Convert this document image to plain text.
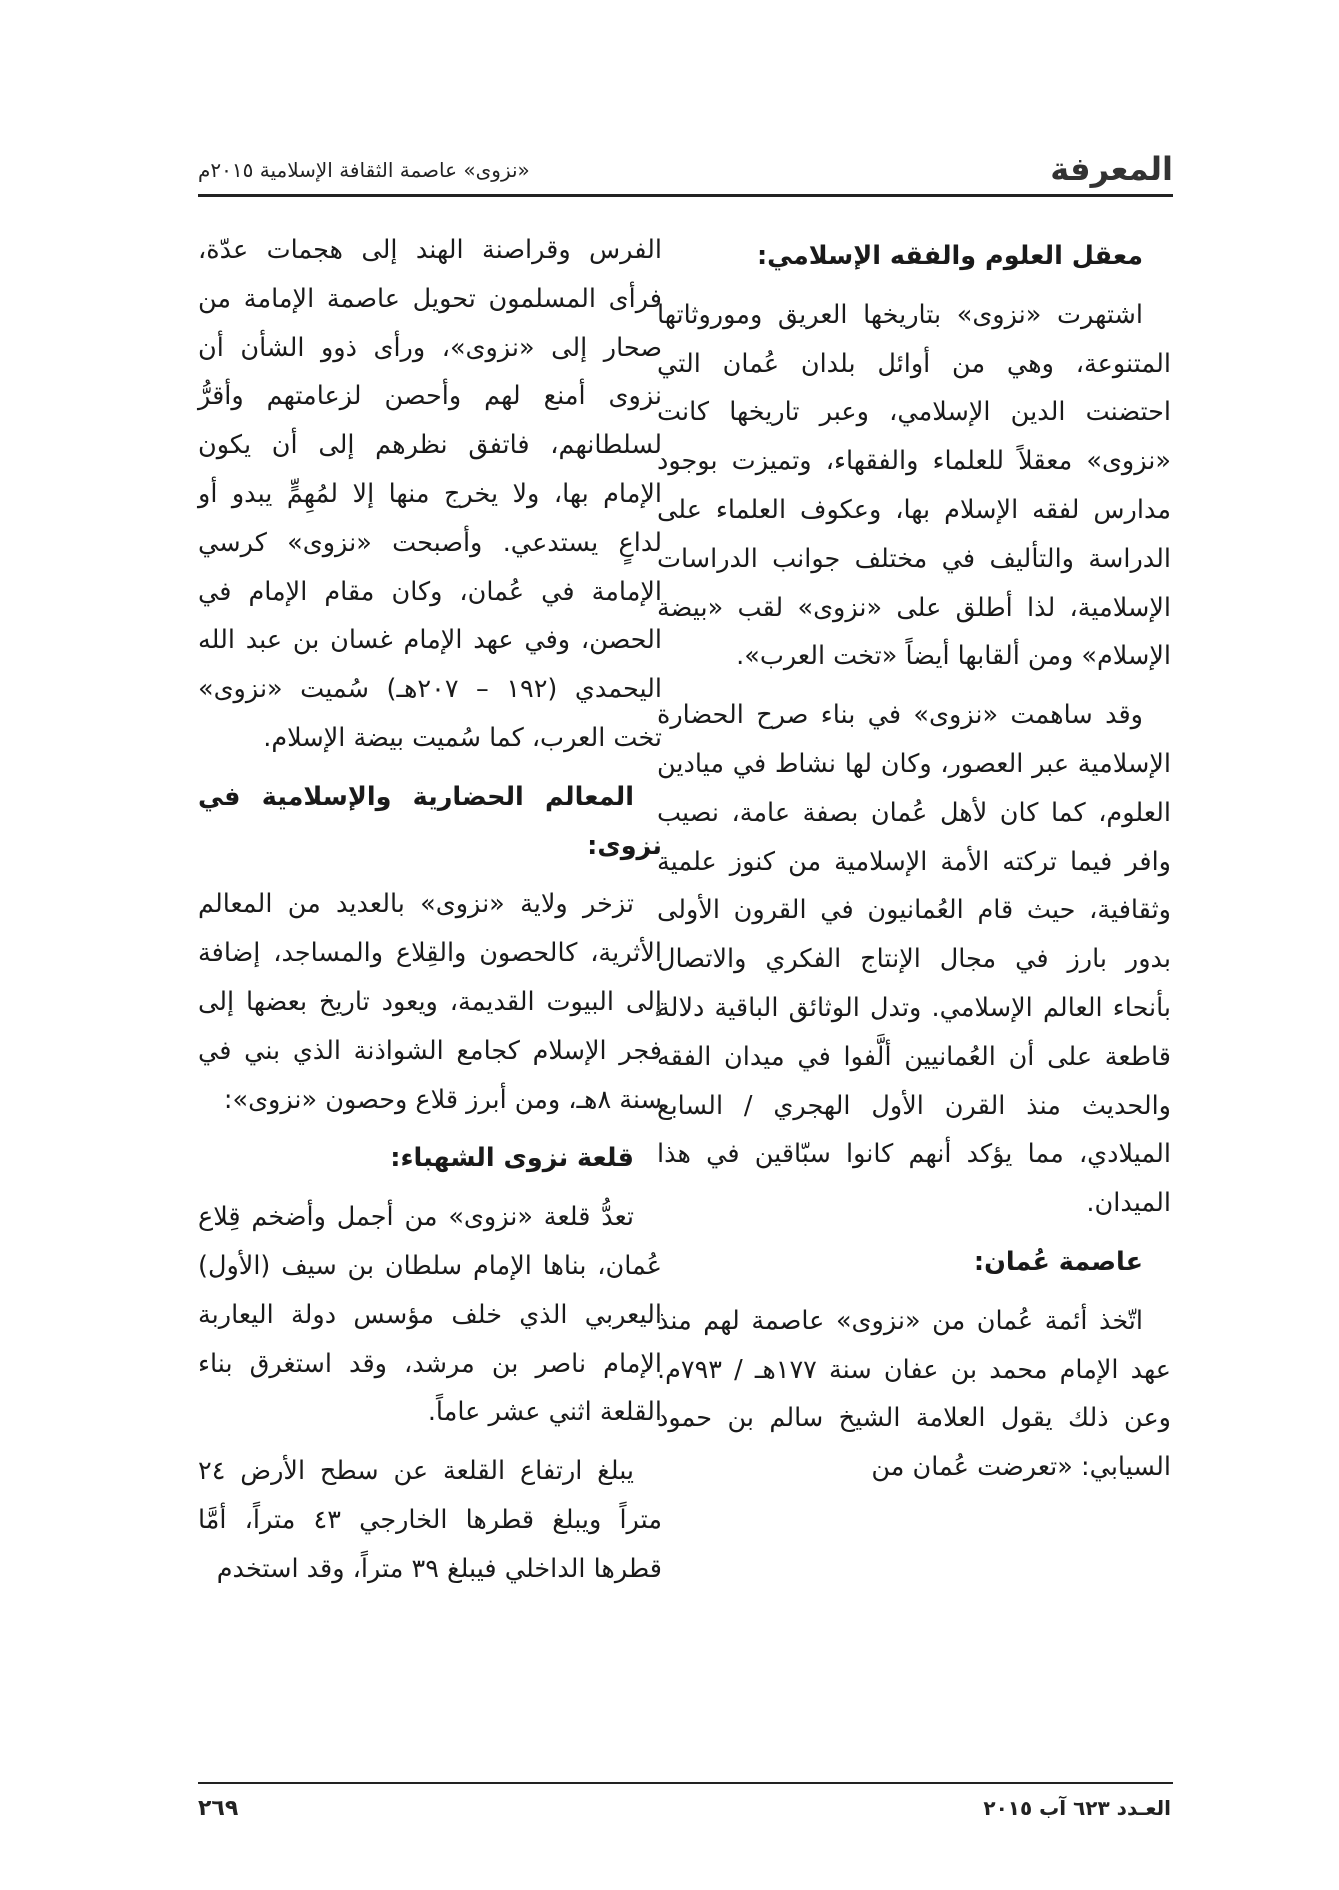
المعرفة
«نزوى» عاصمة الثقافة الإسلامية ٢٠١٥م
معقل العلوم والفقه الإسلامي:

اشتهرت «نزوى» بتاريخها العريق وموروثاتها المتنوعة، وهي من أوائل بلدان عُمان التي احتضنت الدين الإسلامي، وعبر تاريخها كانت «نزوى» معقلاً للعلماء والفقهاء، وتميزت بوجود مدارس لفقه الإسلام بها، وعكوف العلماء على الدراسة والتأليف في مختلف جوانب الدراسات الإسلامية، لذا أطلق على «نزوى» لقب «بيضة الإسلام» ومن ألقابها أيضاً «تخت العرب».

وقد ساهمت «نزوى» في بناء صرح الحضارة الإسلامية عبر العصور، وكان لها نشاط في ميادين العلوم، كما كان لأهل عُمان بصفة عامة، نصيب وافر فيما تركته الأمة الإسلامية من كنوز علمية وثقافية، حيث قام العُمانيون في القرون الأولى بدور بارز في مجال الإنتاج الفكري والاتصال بأنحاء العالم الإسلامي. وتدل الوثائق الباقية دلالة قاطعة على أن العُمانيين ألَّفوا في ميدان الفقه والحديث منذ القرن الأول الهجري / السابع الميلادي، مما يؤكد أنهم كانوا سبّاقين في هذا الميدان.

عاصمة عُمان:

اتّخذ أئمة عُمان من «نزوى» عاصمة لهم منذ عهد الإمام محمد بن عفان سنة ١٧٧هـ / ٧٩٣م. وعن ذلك يقول العلامة الشيخ سالم بن حمود السيابي: «تعرضت عُمان من

الفرس وقراصنة الهند إلى هجمات عدّة، فرأى المسلمون تحويل عاصمة الإمامة من صحار إلى «نزوى»، ورأى ذوو الشأن أن نزوى أمنع لهم وأحصن لزعامتهم وأقرُّ لسلطانهم، فاتفق نظرهم إلى أن يكون الإمام بها، ولا يخرج منها إلا لمُهِمٍّ يبدو أو لداعٍ يستدعي. وأصبحت «نزوى» كرسي الإمامة في عُمان، وكان مقام الإمام في الحصن، وفي عهد الإمام غسان بن عبد الله اليحمدي (١٩٢ – ٢٠٧هـ) سُميت «نزوى» تخت العرب، كما سُميت بيضة الإسلام.

المعالم الحضارية والإسلامية في نزوى:

تزخر ولاية «نزوى» بالعديد من المعالم الأثرية، كالحصون والقِلاع والمساجد، إضافة إلى البيوت القديمة، ويعود تاريخ بعضها إلى فجر الإسلام كجامع الشواذنة الذي بني في سنة ٨هـ، ومن أبرز قلاع وحصون «نزوى»:

قلعة نزوى الشهباء:

تعدُّ قلعة «نزوى» من أجمل وأضخم قِلاع عُمان، بناها الإمام سلطان بن سيف (الأول) اليعربي الذي خلف مؤسس دولة اليعاربة الإمام ناصر بن مرشد، وقد استغرق بناء القلعة اثني عشر عاماً.

يبلغ ارتفاع القلعة عن سطح الأرض ٢٤ متراً ويبلغ قطرها الخارجي ٤٣ متراً، أمَّا قطرها الداخلي فيبلغ ٣٩ متراً، وقد استخدم

العـدد ٦٢٣ آب ٢٠١٥
٢٦٩
